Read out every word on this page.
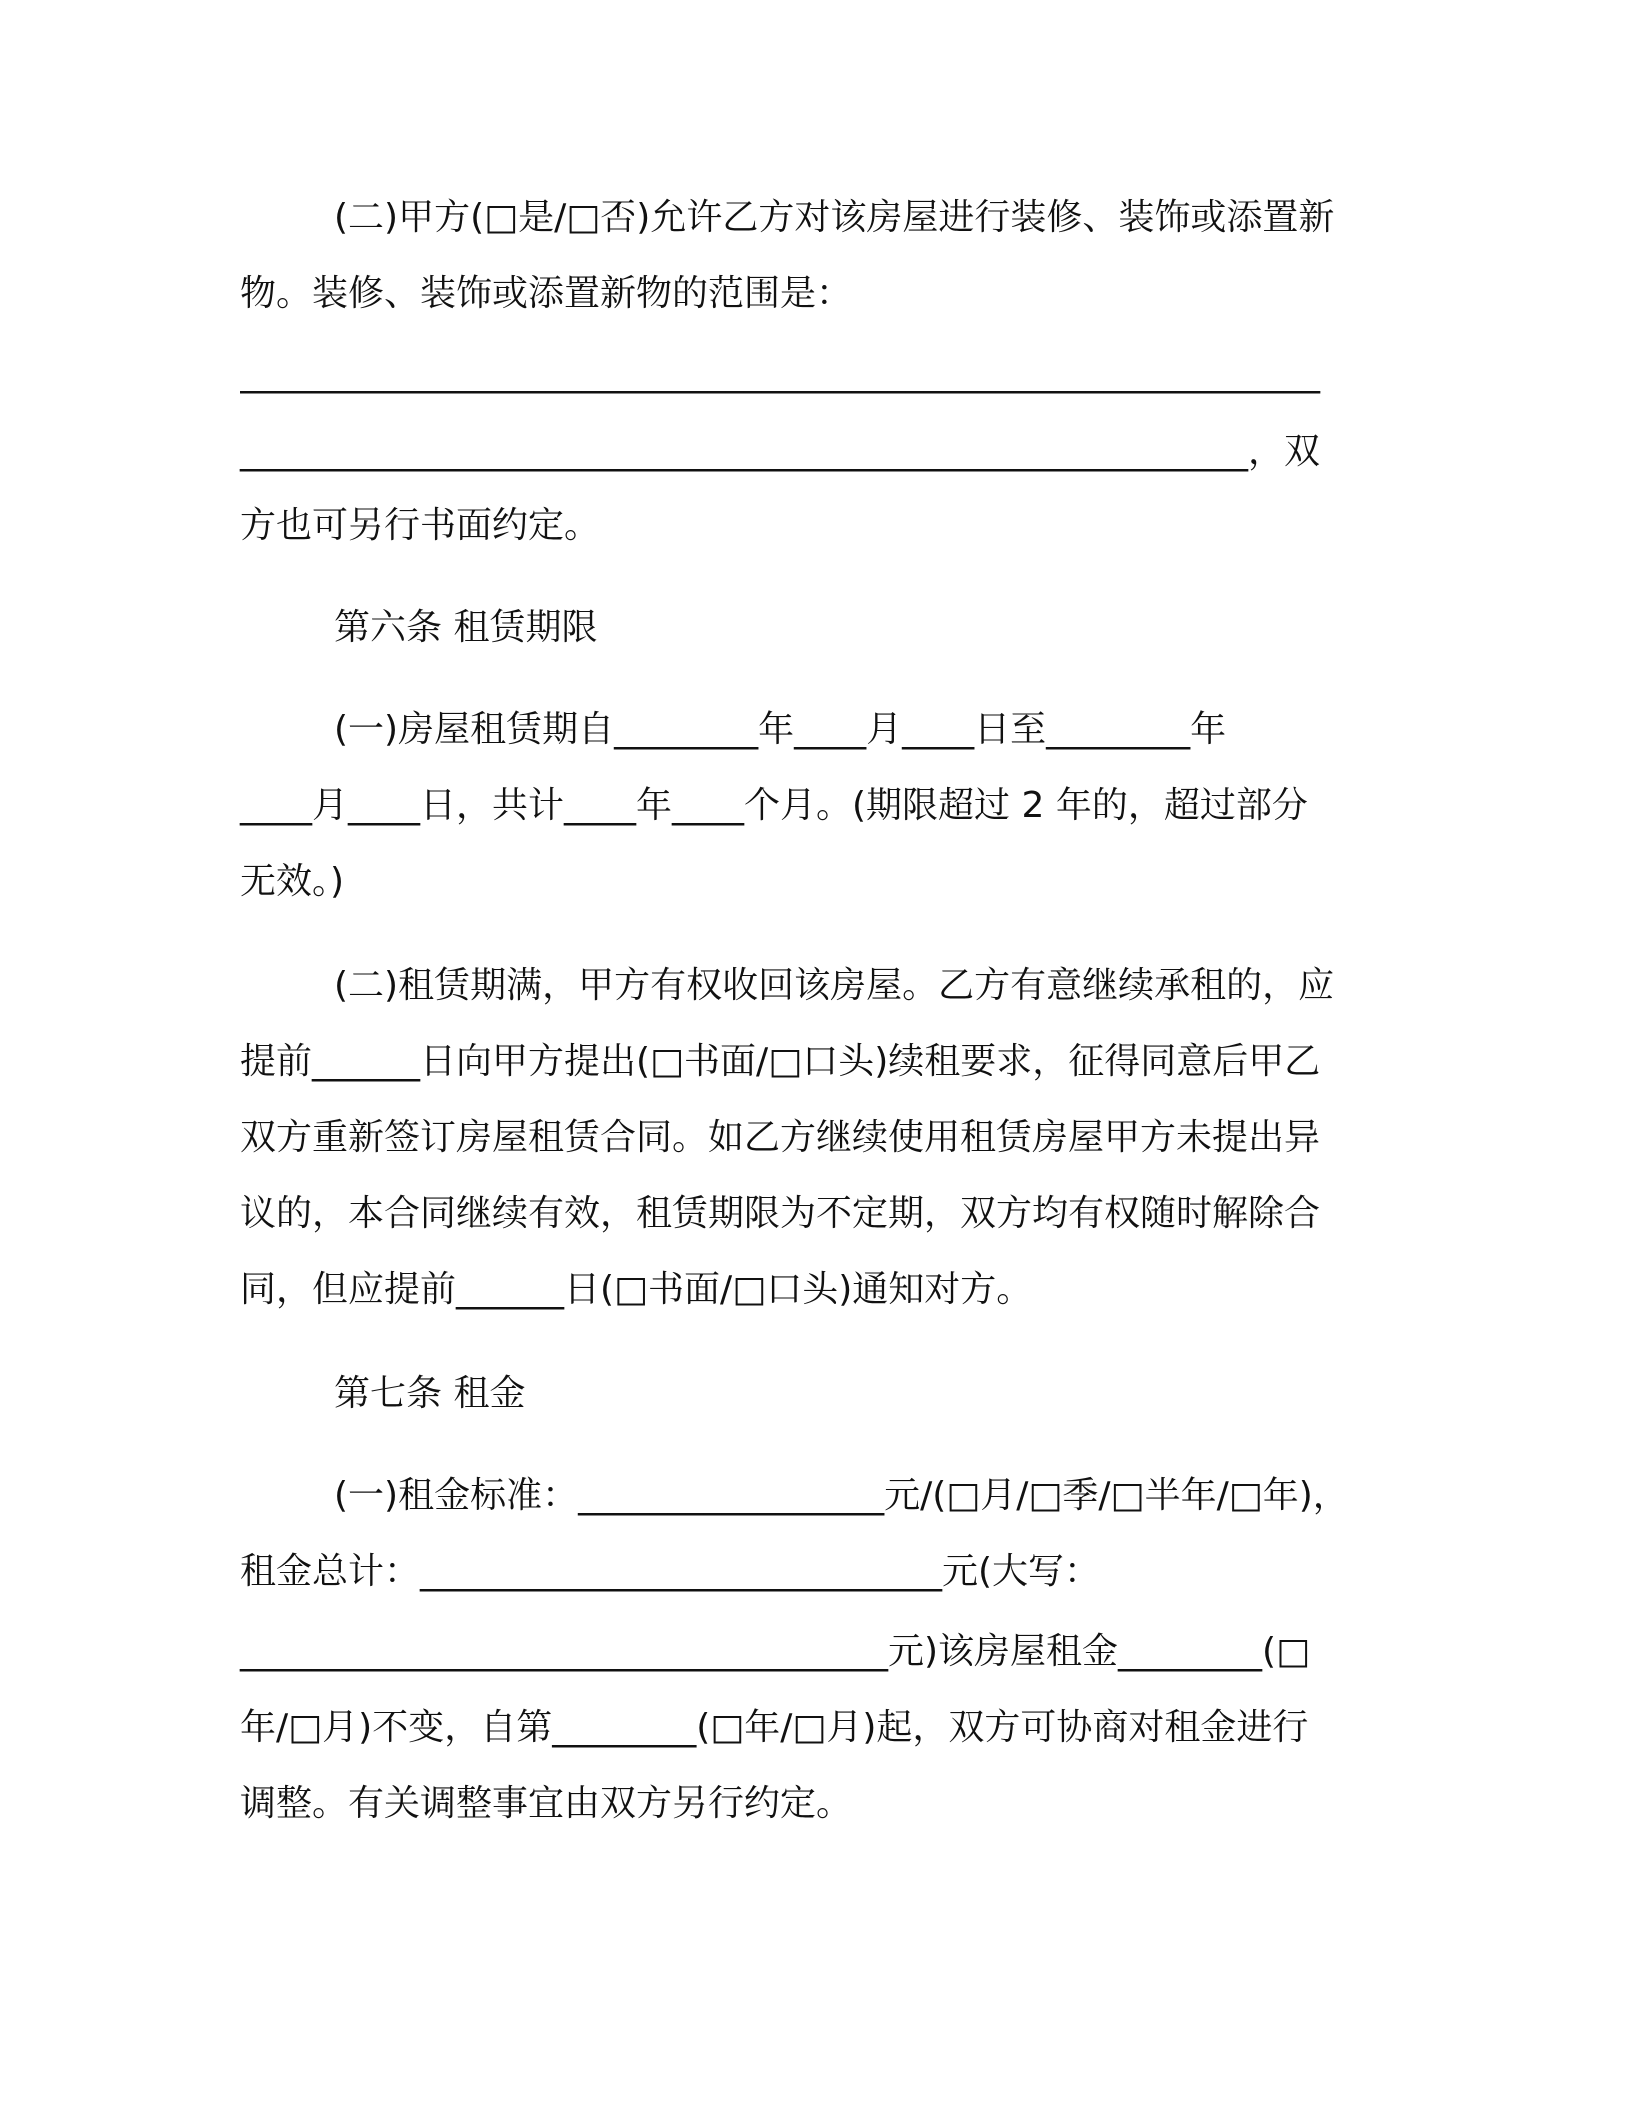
(二)甲方(□是/□否)允许乙方对该房屋进行装修、装饰或添置新
物。装修、装饰或添置新物的范围是：
____________________________________________________________
________________________________________________________，双
方也可另行书面约定。
第六条 租赁期限
(一)房屋租赁期自________年____月____日至________年
____月____日，共计____年____个月。(期限超过 2 年的，超过部分
无效。)
(二)租赁期满，甲方有权收回该房屋。乙方有意继续承租的，应
提前______日向甲方提出(□书面/□口头)续租要求，征得同意后甲乙
双方重新签订房屋租赁合同。如乙方继续使用租赁房屋甲方未提出异
议的，本合同继续有效，租赁期限为不定期，双方均有权随时解除合
同，但应提前______日(□书面/□口头)通知对方。
第七条 租金
(一)租金标准：_________________元/(□月/□季/□半年/□年)，
租金总计：_____________________________元(大写：
____________________________________元)该房屋租金________(□
年/□月)不变，自第________(□年/□月)起，双方可协商对租金进行
调整。有关调整事宜由双方另行约定。
